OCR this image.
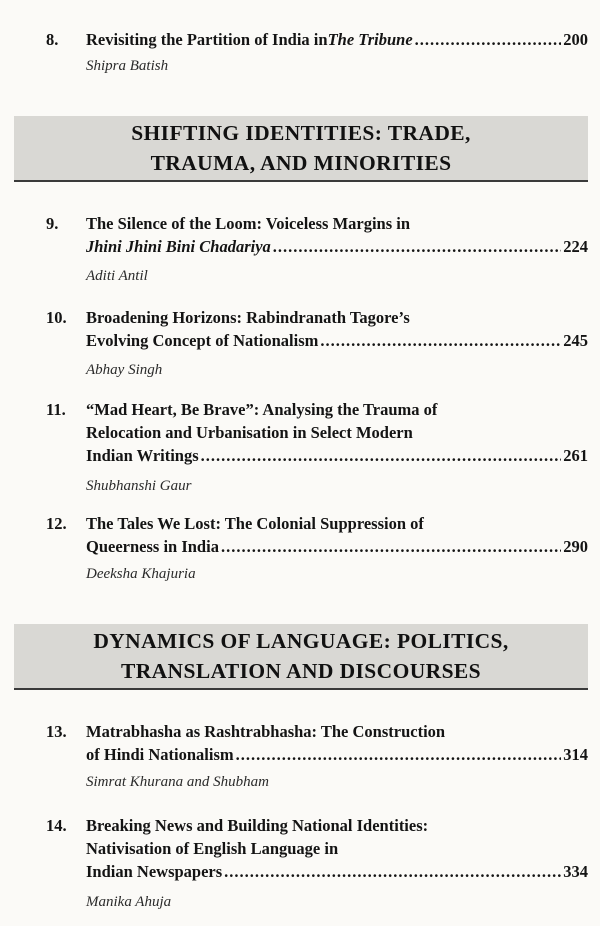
8. Revisiting the Partition of India in The Tribune .....	200
Shipra Batish
SHIFTING IDENTITIES: TRADE,
TRAUMA, AND MINORITIES
9. The Silence of the Loom: Voiceless Margins in
Jhini Jhini Bini Chadariya .....	224
Aditi Antil
10. Broadening Horizons: Rabindranath Tagore’s
Evolving Concept of Nationalism .....	245
Abhay Singh
11. “Mad Heart, Be Brave”: Analysing the Trauma of
Relocation and Urbanisation in Select Modern
Indian Writings .....	261
Shubhanshi Gaur
12. The Tales We Lost: The Colonial Suppression of
Queerness in India .....	290
Deeksha Khajuria
DYNAMICS OF LANGUAGE: POLITICS,
TRANSLATION AND DISCOURSES
13. Matrabhasha as Rashtrabhasha: The Construction
of Hindi Nationalism .....	314
Simrat Khurana and Shubham
14. Breaking News and Building National Identities:
Nativisation of English Language in
Indian Newspapers .....	334
Manika Ahuja
